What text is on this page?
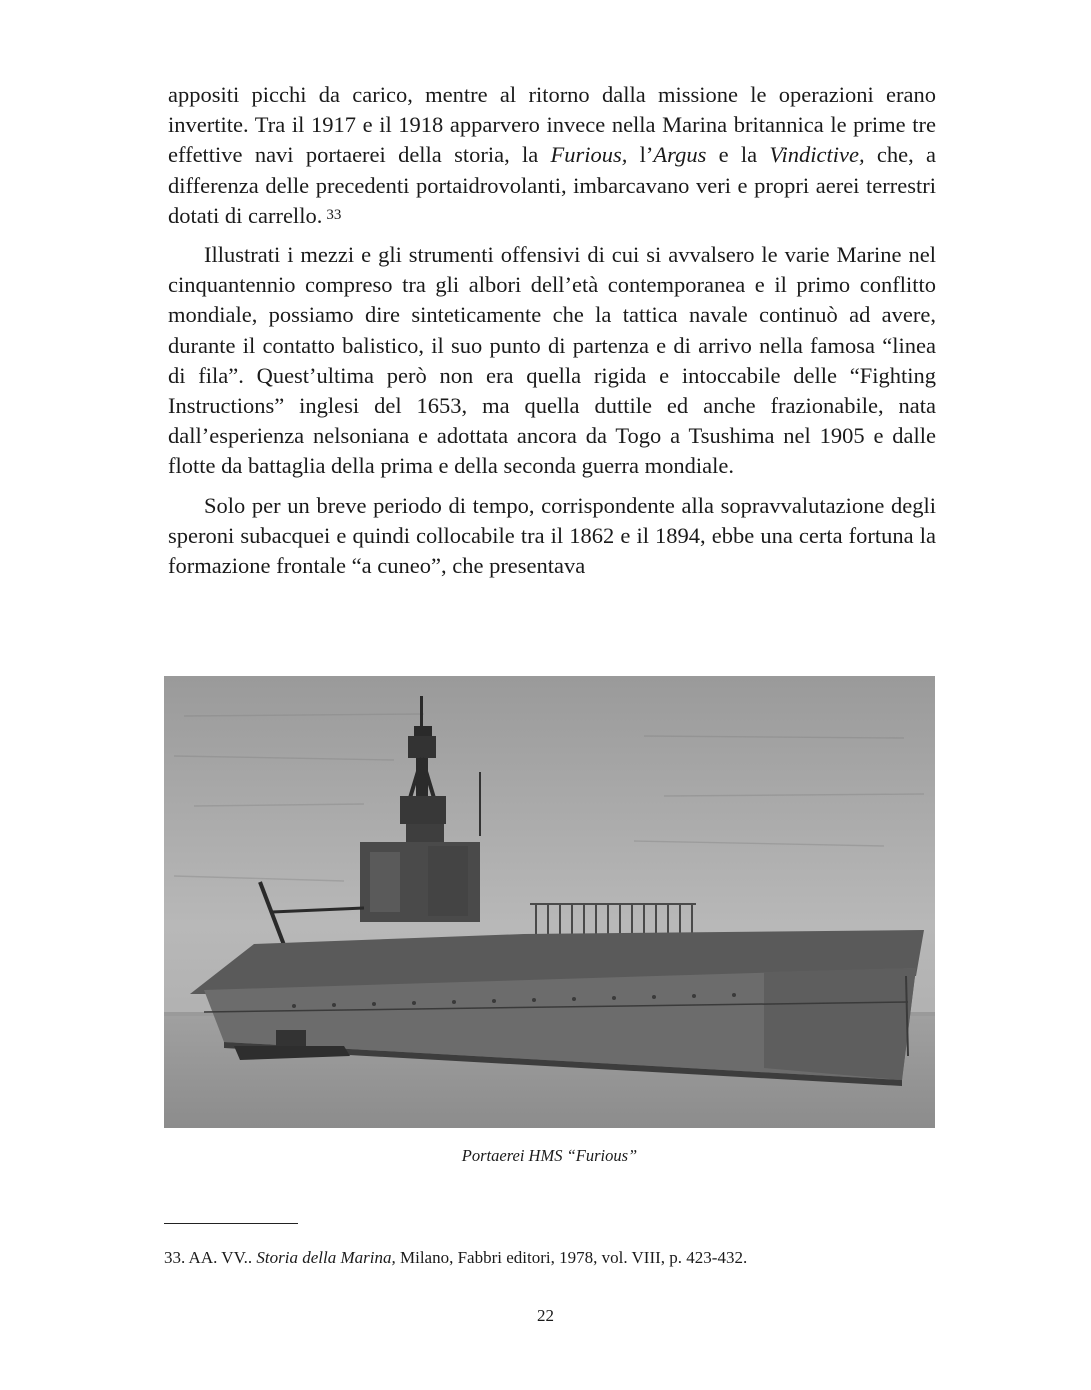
appositi picchi da carico, mentre al ritorno dalla missione le operazioni erano invertite. Tra il 1917 e il 1918 apparvero invece nella Marina britannica le prime tre effettive navi portaerei della storia, la Furious, l’Argus e la Vindictive, che, a differenza delle precedenti portaidrovolanti, imbarcavano veri e propri aerei terrestri dotati di carrello. $^{33}$

Illustrati i mezzi e gli strumenti offensivi di cui si avvalsero le varie Marine nel cinquantennio compreso tra gli albori dell’età contemporanea e il primo conflitto mondiale, possiamo dire sinteticamente che la tattica navale continuò ad avere, durante il contatto balistico, il suo punto di partenza e di arrivo nella famosa “linea di fila”. Quest’ultima però non era quella rigida e intoccabile delle “Fighting Instructions” inglesi del 1653, ma quella duttile ed anche frazionabile, nata dall’esperienza nelsoniana e adottata ancora da Togo a Tsushima nel 1905 e dalle flotte da battaglia della prima e della seconda guerra mondiale.

Solo per un breve periodo di tempo, corrispondente alla sopravvalutazione degli speroni subacquei e quindi collocabile tra il 1862 e il 1894, ebbe una certa fortuna la formazione frontale “a cuneo”, che presentava

Portaerei HMS “Furious”
33. AA. VV.. Storia della Marina, Milano, Fabbri editori, 1978, vol. VIII, p. 423-432.
22
